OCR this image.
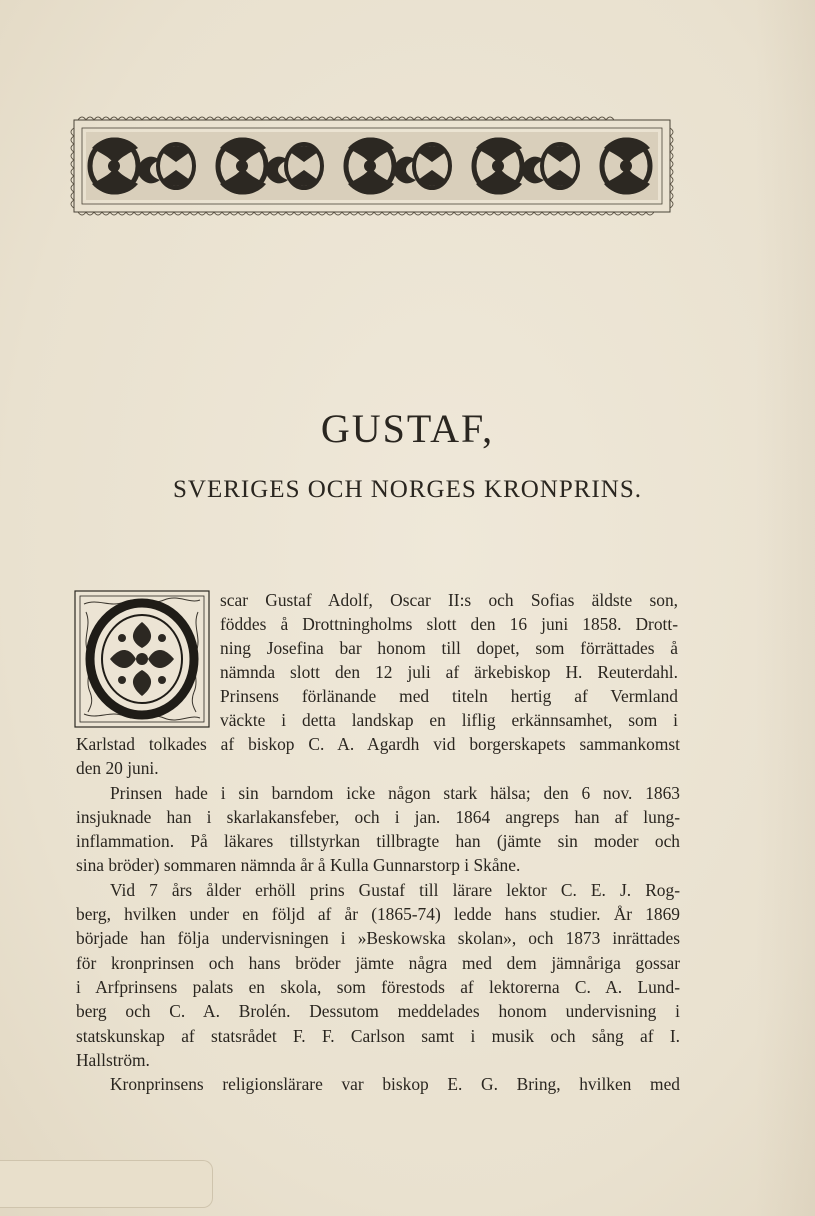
GUSTAF,
SVERIGES OCH NORGES KRONPRINS.
scar Gustaf Adolf, Oscar II:s och Sofias äldste son,
föddes å Drottningholms slott den 16 juni 1858. Drott-
ning Josefina bar honom till dopet, som förrättades å
nämnda slott den 12 juli af ärkebiskop H. Reuterdahl.
Prinsens förlänande med titeln hertig af Vermland
väckte i detta landskap en liflig erkännsamhet, som i
Karlstad tolkades af biskop C. A. Agardh vid borgerskapets sammankomst
den 20 juni.
Prinsen hade i sin barndom icke någon stark hälsa; den 6 nov. 1863
insjuknade han i skarlakansfeber, och i jan. 1864 angreps han af lung-
inflammation. På läkares tillstyrkan tillbragte han (jämte sin moder och
sina bröder) sommaren nämnda år å Kulla Gunnarstorp i Skåne.
Vid 7 års ålder erhöll prins Gustaf till lärare lektor C. E. J. Rog-
berg, hvilken under en följd af år (1865-74) ledde hans studier. År 1869
började han följa undervisningen i »Beskowska skolan», och 1873 inrättades
för kronprinsen och hans bröder jämte några med dem jämnåriga gossar
i Arfprinsens palats en skola, som förestods af lektorerna C. A. Lund-
berg och C. A. Brolén. Dessutom meddelades honom undervisning i
statskunskap af statsrådet F. F. Carlson samt i musik och sång af I.
Hallström.
Kronprinsens religionslärare var biskop E. G. Bring, hvilken med
